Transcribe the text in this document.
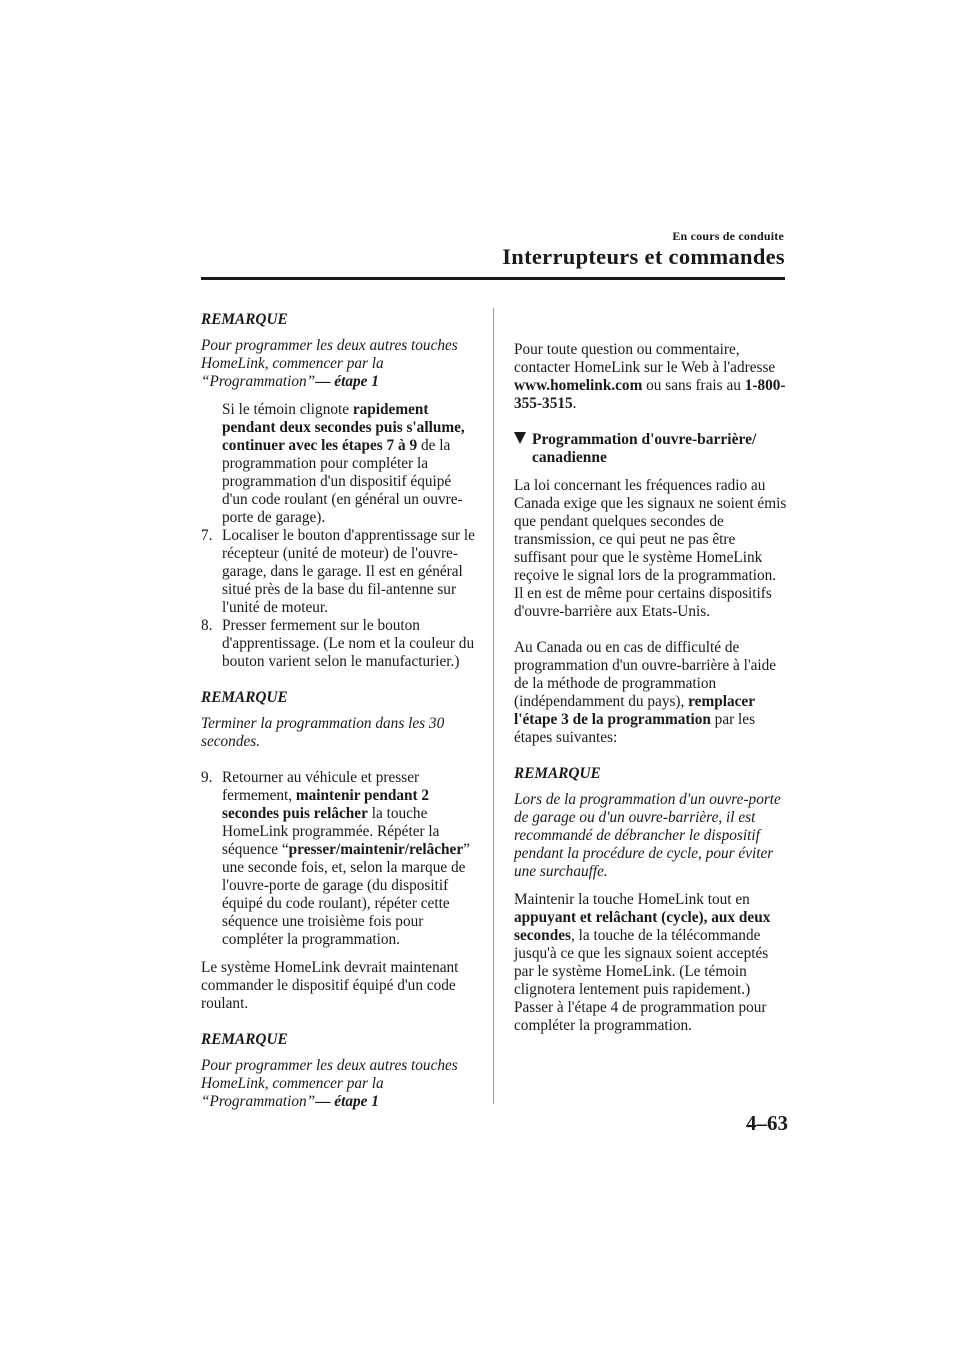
En cours de conduite
Interrupteurs et commandes

REMARQUE

Pour programmer les deux autres touches HomeLink, commencer par la “Programmation”— étape 1

Si le témoin clignote rapidement pendant deux secondes puis s'allume, continuer avec les étapes 7 à 9 de la programmation pour compléter la programmation d'un dispositif équipé d'un code roulant (en général un ouvre-porte de garage).

7. Localiser le bouton d'apprentissage sur le récepteur (unité de moteur) de l'ouvre-garage, dans le garage. Il est en général situé près de la base du fil-antenne sur l'unité de moteur.

8. Presser fermement sur le bouton d'apprentissage. (Le nom et la couleur du bouton varient selon le manufacturier.)

REMARQUE

Terminer la programmation dans les 30 secondes.

9. Retourner au véhicule et presser fermement, maintenir pendant 2 secondes puis relâcher la touche HomeLink programmée. Répéter la séquence “presser/maintenir/relâcher” une seconde fois, et, selon la marque de l'ouvre-porte de garage (du dispositif équipé du code roulant), répéter cette séquence une troisième fois pour compléter la programmation.

Le système HomeLink devrait maintenant commander le dispositif équipé d'un code roulant.

REMARQUE

Pour programmer les deux autres touches HomeLink, commencer par la “Programmation”— étape 1

Pour toute question ou commentaire, contacter HomeLink sur le Web à l'adresse www.homelink.com ou sans frais au 1-800-355-3515.

Programmation d'ouvre-barrière/ canadienne

La loi concernant les fréquences radio au Canada exige que les signaux ne soient émis que pendant quelques secondes de transmission, ce qui peut ne pas être suffisant pour que le système HomeLink reçoive le signal lors de la programmation. Il en est de même pour certains dispositifs d'ouvre-barrière aux Etats-Unis.

Au Canada ou en cas de difficulté de programmation d'un ouvre-barrière à l'aide de la méthode de programmation (indépendamment du pays), remplacer l'étape 3 de la programmation par les étapes suivantes:

REMARQUE

Lors de la programmation d'un ouvre-porte de garage ou d'un ouvre-barrière, il est recommandé de débrancher le dispositif pendant la procédure de cycle, pour éviter une surchauffe.

Maintenir la touche HomeLink tout en appuyant et relâchant (cycle), aux deux secondes, la touche de la télécommande jusqu'à ce que les signaux soient acceptés par le système HomeLink. (Le témoin clignotera lentement puis rapidement.) Passer à l'étape 4 de programmation pour compléter la programmation.

4–63
